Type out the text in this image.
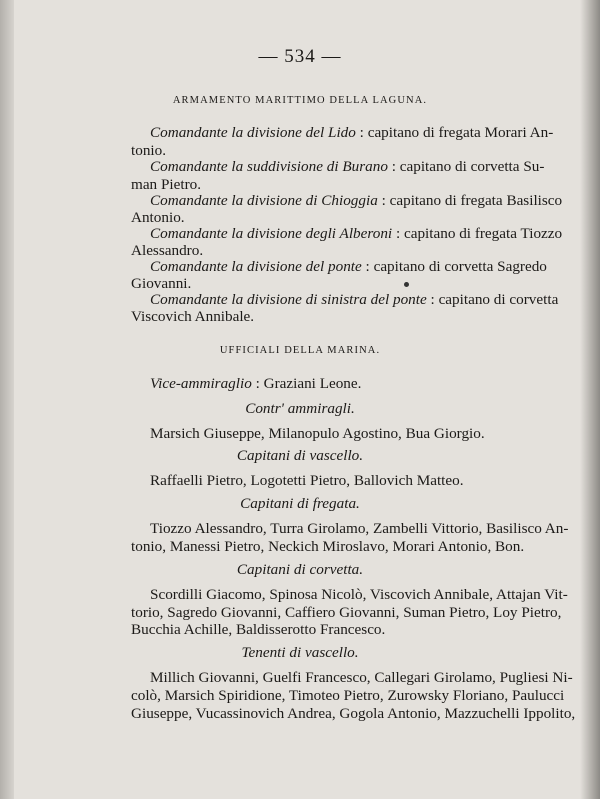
— 534 —
ARMAMENTO MARITTIMO DELLA LAGUNA.
Comandante la divisione del Lido : capitano di fregata Morari An-
tonio.
Comandante la suddivisione di Burano : capitano di corvetta Su-
man Pietro.
Comandante la divisione di Chioggia : capitano di fregata Basilisco
Antonio.
Comandante la divisione degli Alberoni : capitano di fregata Tiozzo
Alessandro.
Comandante la divisione del ponte : capitano di corvetta Sagredo
Giovanni.
Comandante la divisione di sinistra del ponte : capitano di corvetta
Viscovich Annibale.
UFFICIALI DELLA MARINA.
Vice-ammiraglio : Graziani Leone.
Contr' ammiragli.
Marsich Giuseppe, Milanopulo Agostino, Bua Giorgio.
Capitani di vascello.
Raffaelli Pietro, Logotetti Pietro, Ballovich Matteo.
Capitani di fregata.
Tiozzo Alessandro, Turra Girolamo, Zambelli Vittorio, Basilisco An-
tonio, Manessi Pietro, Neckich Miroslavo, Morari Antonio, Bon.
Capitani di corvetta.
Scordilli Giacomo, Spinosa Nicolò, Viscovich Annibale, Attajan Vit-
torio, Sagredo Giovanni, Caffiero Giovanni, Suman Pietro, Loy Pietro,
Bucchia Achille, Baldisserotto Francesco.
Tenenti di vascello.
Millich Giovanni, Guelfi Francesco, Callegari Girolamo, Pugliesi Ni-
colò, Marsich Spiridione, Timoteo Pietro, Zurowsky Floriano, Paulucci
Giuseppe, Vucassinovich Andrea, Gogola Antonio, Mazzuchelli Ippolito,
